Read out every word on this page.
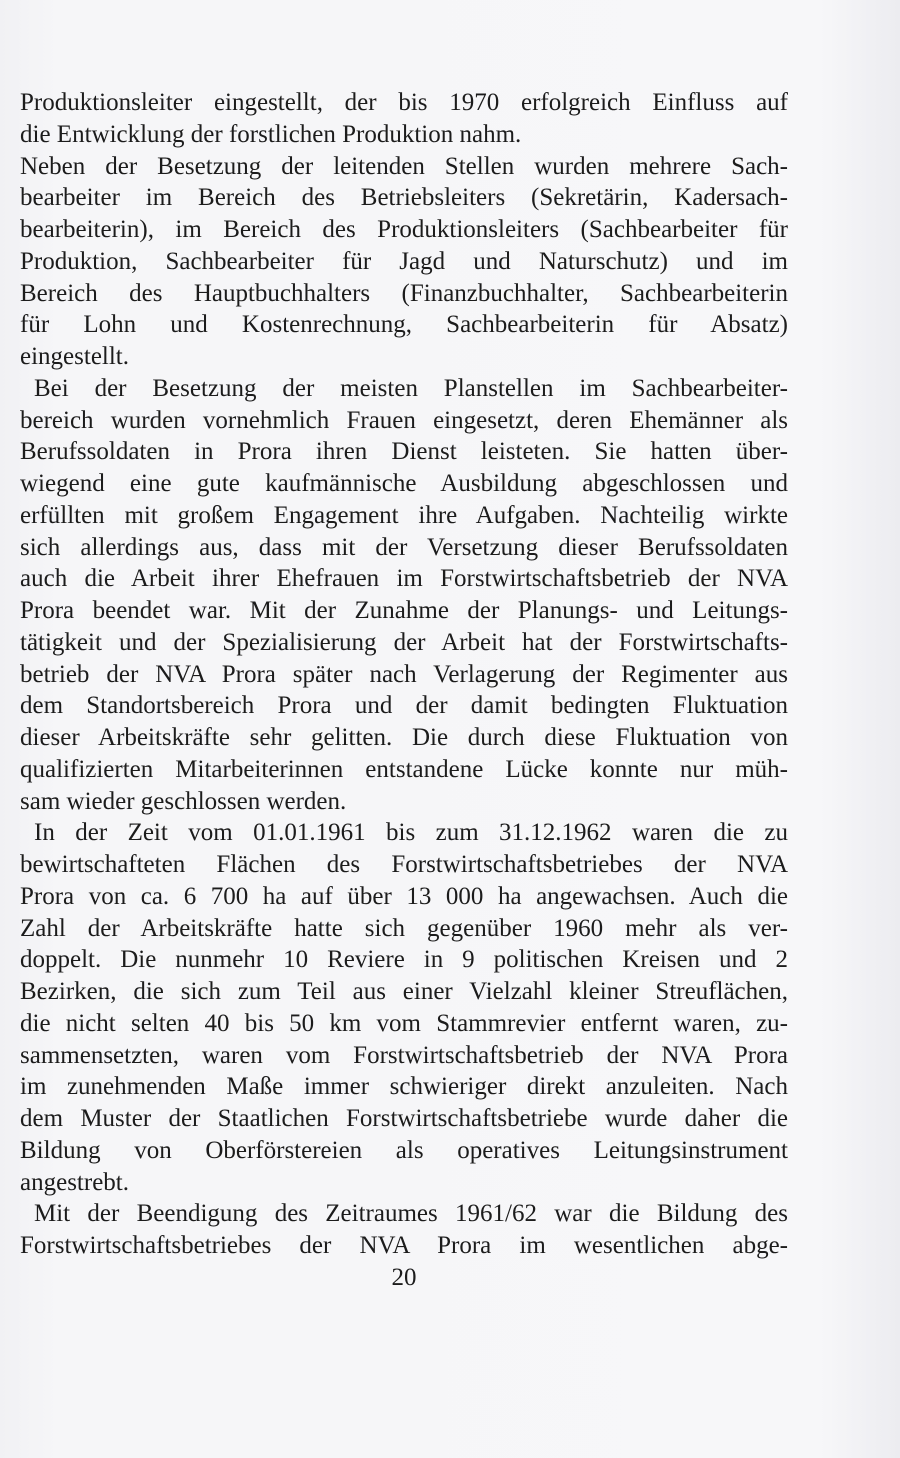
Produktionsleiter eingestellt, der bis 1970 erfolgreich Einfluss auf
die Entwicklung der forstlichen Produktion nahm.

Neben der Besetzung der leitenden Stellen wurden mehrere Sach-
bearbeiter im Bereich des Betriebsleiters (Sekretärin, Kadersach-
bearbeiterin), im Bereich des Produktionsleiters (Sachbearbeiter für
Produktion, Sachbearbeiter für Jagd und Naturschutz) und im
Bereich des Hauptbuchhalters (Finanzbuchhalter, Sachbearbeiterin
für Lohn und Kostenrechnung, Sachbearbeiterin für Absatz)
eingestellt.

Bei der Besetzung der meisten Planstellen im Sachbearbeiter-
bereich wurden vornehmlich Frauen eingesetzt, deren Ehemänner als
Berufssoldaten in Prora ihren Dienst leisteten. Sie hatten über-
wiegend eine gute kaufmännische Ausbildung abgeschlossen und
erfüllten mit großem Engagement ihre Aufgaben. Nachteilig wirkte
sich allerdings aus, dass mit der Versetzung dieser Berufssoldaten
auch die Arbeit ihrer Ehefrauen im Forstwirtschaftsbetrieb der NVA
Prora beendet war. Mit der Zunahme der Planungs- und Leitungs-
tätigkeit und der Spezialisierung der Arbeit hat der Forstwirtschafts-
betrieb der NVA Prora später nach Verlagerung der Regimenter aus
dem Standortsbereich Prora und der damit bedingten Fluktuation
dieser Arbeitskräfte sehr gelitten. Die durch diese Fluktuation von
qualifizierten Mitarbeiterinnen entstandene Lücke konnte nur müh-
sam wieder geschlossen werden.

In der Zeit vom 01.01.1961 bis zum 31.12.1962 waren die zu
bewirtschafteten Flächen des Forstwirtschaftsbetriebes der NVA
Prora von ca. 6 700 ha auf über 13 000 ha angewachsen. Auch die
Zahl der Arbeitskräfte hatte sich gegenüber 1960 mehr als ver-
doppelt. Die nunmehr 10 Reviere in 9 politischen Kreisen und 2
Bezirken, die sich zum Teil aus einer Vielzahl kleiner Streuflächen,
die nicht selten 40 bis 50 km vom Stammrevier entfernt waren, zu-
sammensetzten, waren vom Forstwirtschaftsbetrieb der NVA Prora
im zunehmenden Maße immer schwieriger direkt anzuleiten. Nach
dem Muster der Staatlichen Forstwirtschaftsbetriebe wurde daher die
Bildung von Oberförstereien als operatives Leitungsinstrument
angestrebt.

Mit der Beendigung des Zeitraumes 1961/62 war die Bildung des
Forstwirtschaftsbetriebes der NVA Prora im wesentlichen abge-

20
